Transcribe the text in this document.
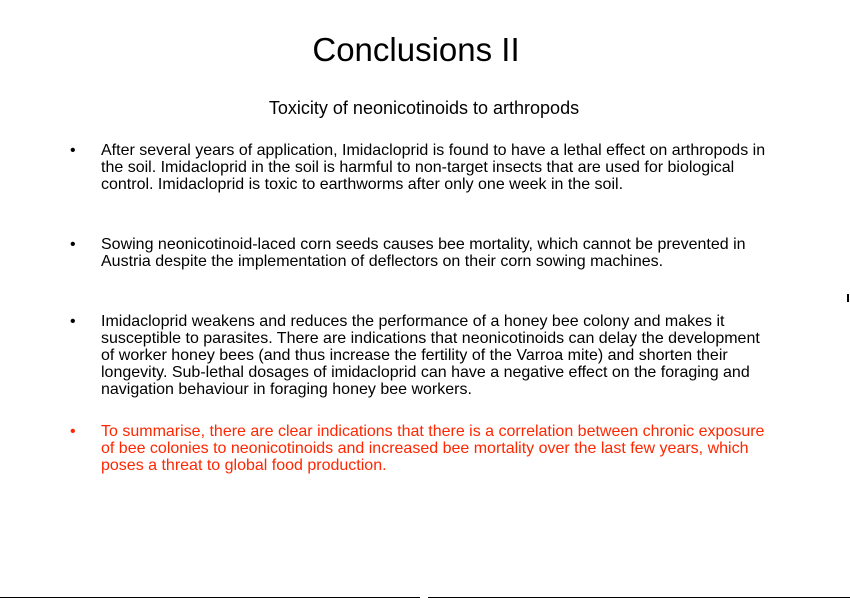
Conclusions II
Toxicity of neonicotinoids to arthropods
• After several years of application, Imidacloprid is found to have a lethal effect on arthropods in the soil. Imidacloprid in the soil is harmful to non-target insects that are used for biological control. Imidacloprid is toxic to earthworms after only one week in the soil.
• Sowing neonicotinoid-laced corn seeds causes bee mortality, which cannot be prevented in Austria despite the implementation of deflectors on their corn sowing machines.
• Imidacloprid weakens and reduces the performance of a honey bee colony and makes it susceptible to parasites. There are indications that neonicotinoids can delay the development of worker honey bees (and thus increase the fertility of the Varroa mite) and shorten their longevity. Sub-lethal dosages of imidacloprid can have a negative effect on the foraging and navigation behaviour in foraging honey bee workers.
• To summarise, there are clear indications that there is a correlation between chronic exposure of bee colonies to neonicotinoids and increased bee mortality over the last few years, which poses a threat to global food production.
